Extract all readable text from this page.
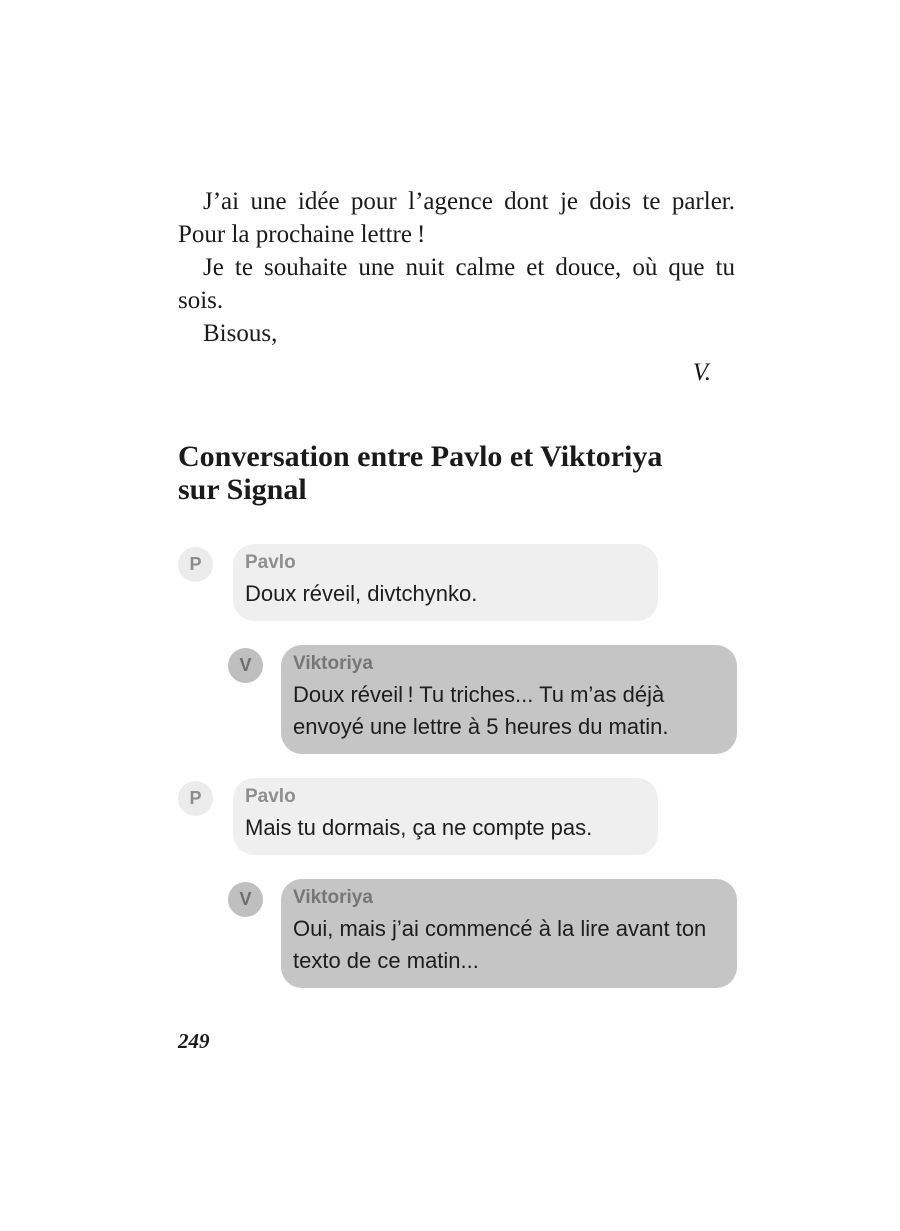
J’ai une idée pour l’agence dont je dois te parler. Pour la prochaine lettre !

Je te souhaite une nuit calme et douce, où que tu sois.

Bisous,

V.

Conversation entre Pavlo et Viktoriya sur Signal
P	Pavlo
Doux réveil, divtchynko.
V	Viktoriya
Doux réveil ! Tu triches... Tu m’as déjà envoyé une lettre à 5 heures du matin.
P	Pavlo
Mais tu dormais, ça ne compte pas.
V	Viktoriya
Oui, mais j’ai commencé à la lire avant ton texto de ce matin...
249
